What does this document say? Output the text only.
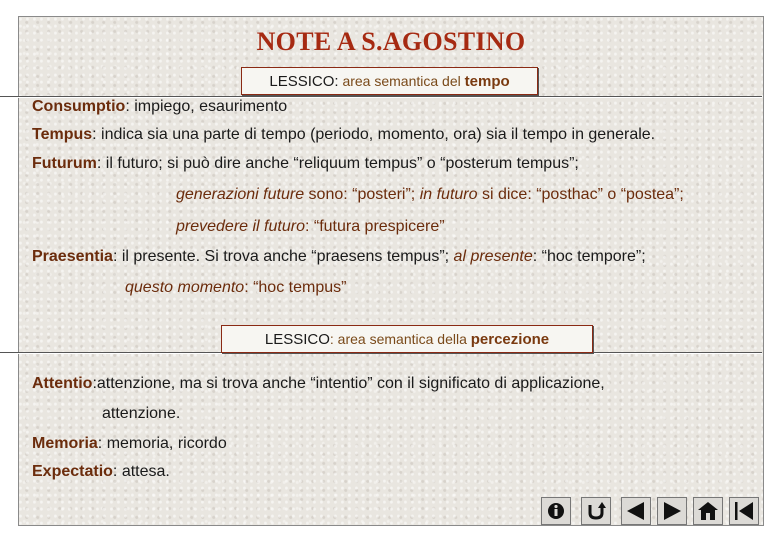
NOTE A S.AGOSTINO
LESSICO: area semantica del tempo
LESSICO: area semantica della percezione
Consumptio: impiego, esaurimento
Tempus: indica sia una parte di tempo (periodo, momento, ora) sia il tempo in generale.
Futurum: il futuro; si può dire anche “reliquum tempus” o “posterum tempus”;
generazioni future sono: “posteri”; in futuro si dice: “posthac” o “postea”;
prevedere il futuro: “futura prespicere”
Praesentia: il presente. Si trova anche “praesens tempus”; al presente: “hoc tempore”;
questo momento: “hoc tempus”
Attentio:attenzione, ma si trova anche “intentio” con il significato di applicazione,
attenzione.
Memoria: memoria, ricordo
Expectatio: attesa.
